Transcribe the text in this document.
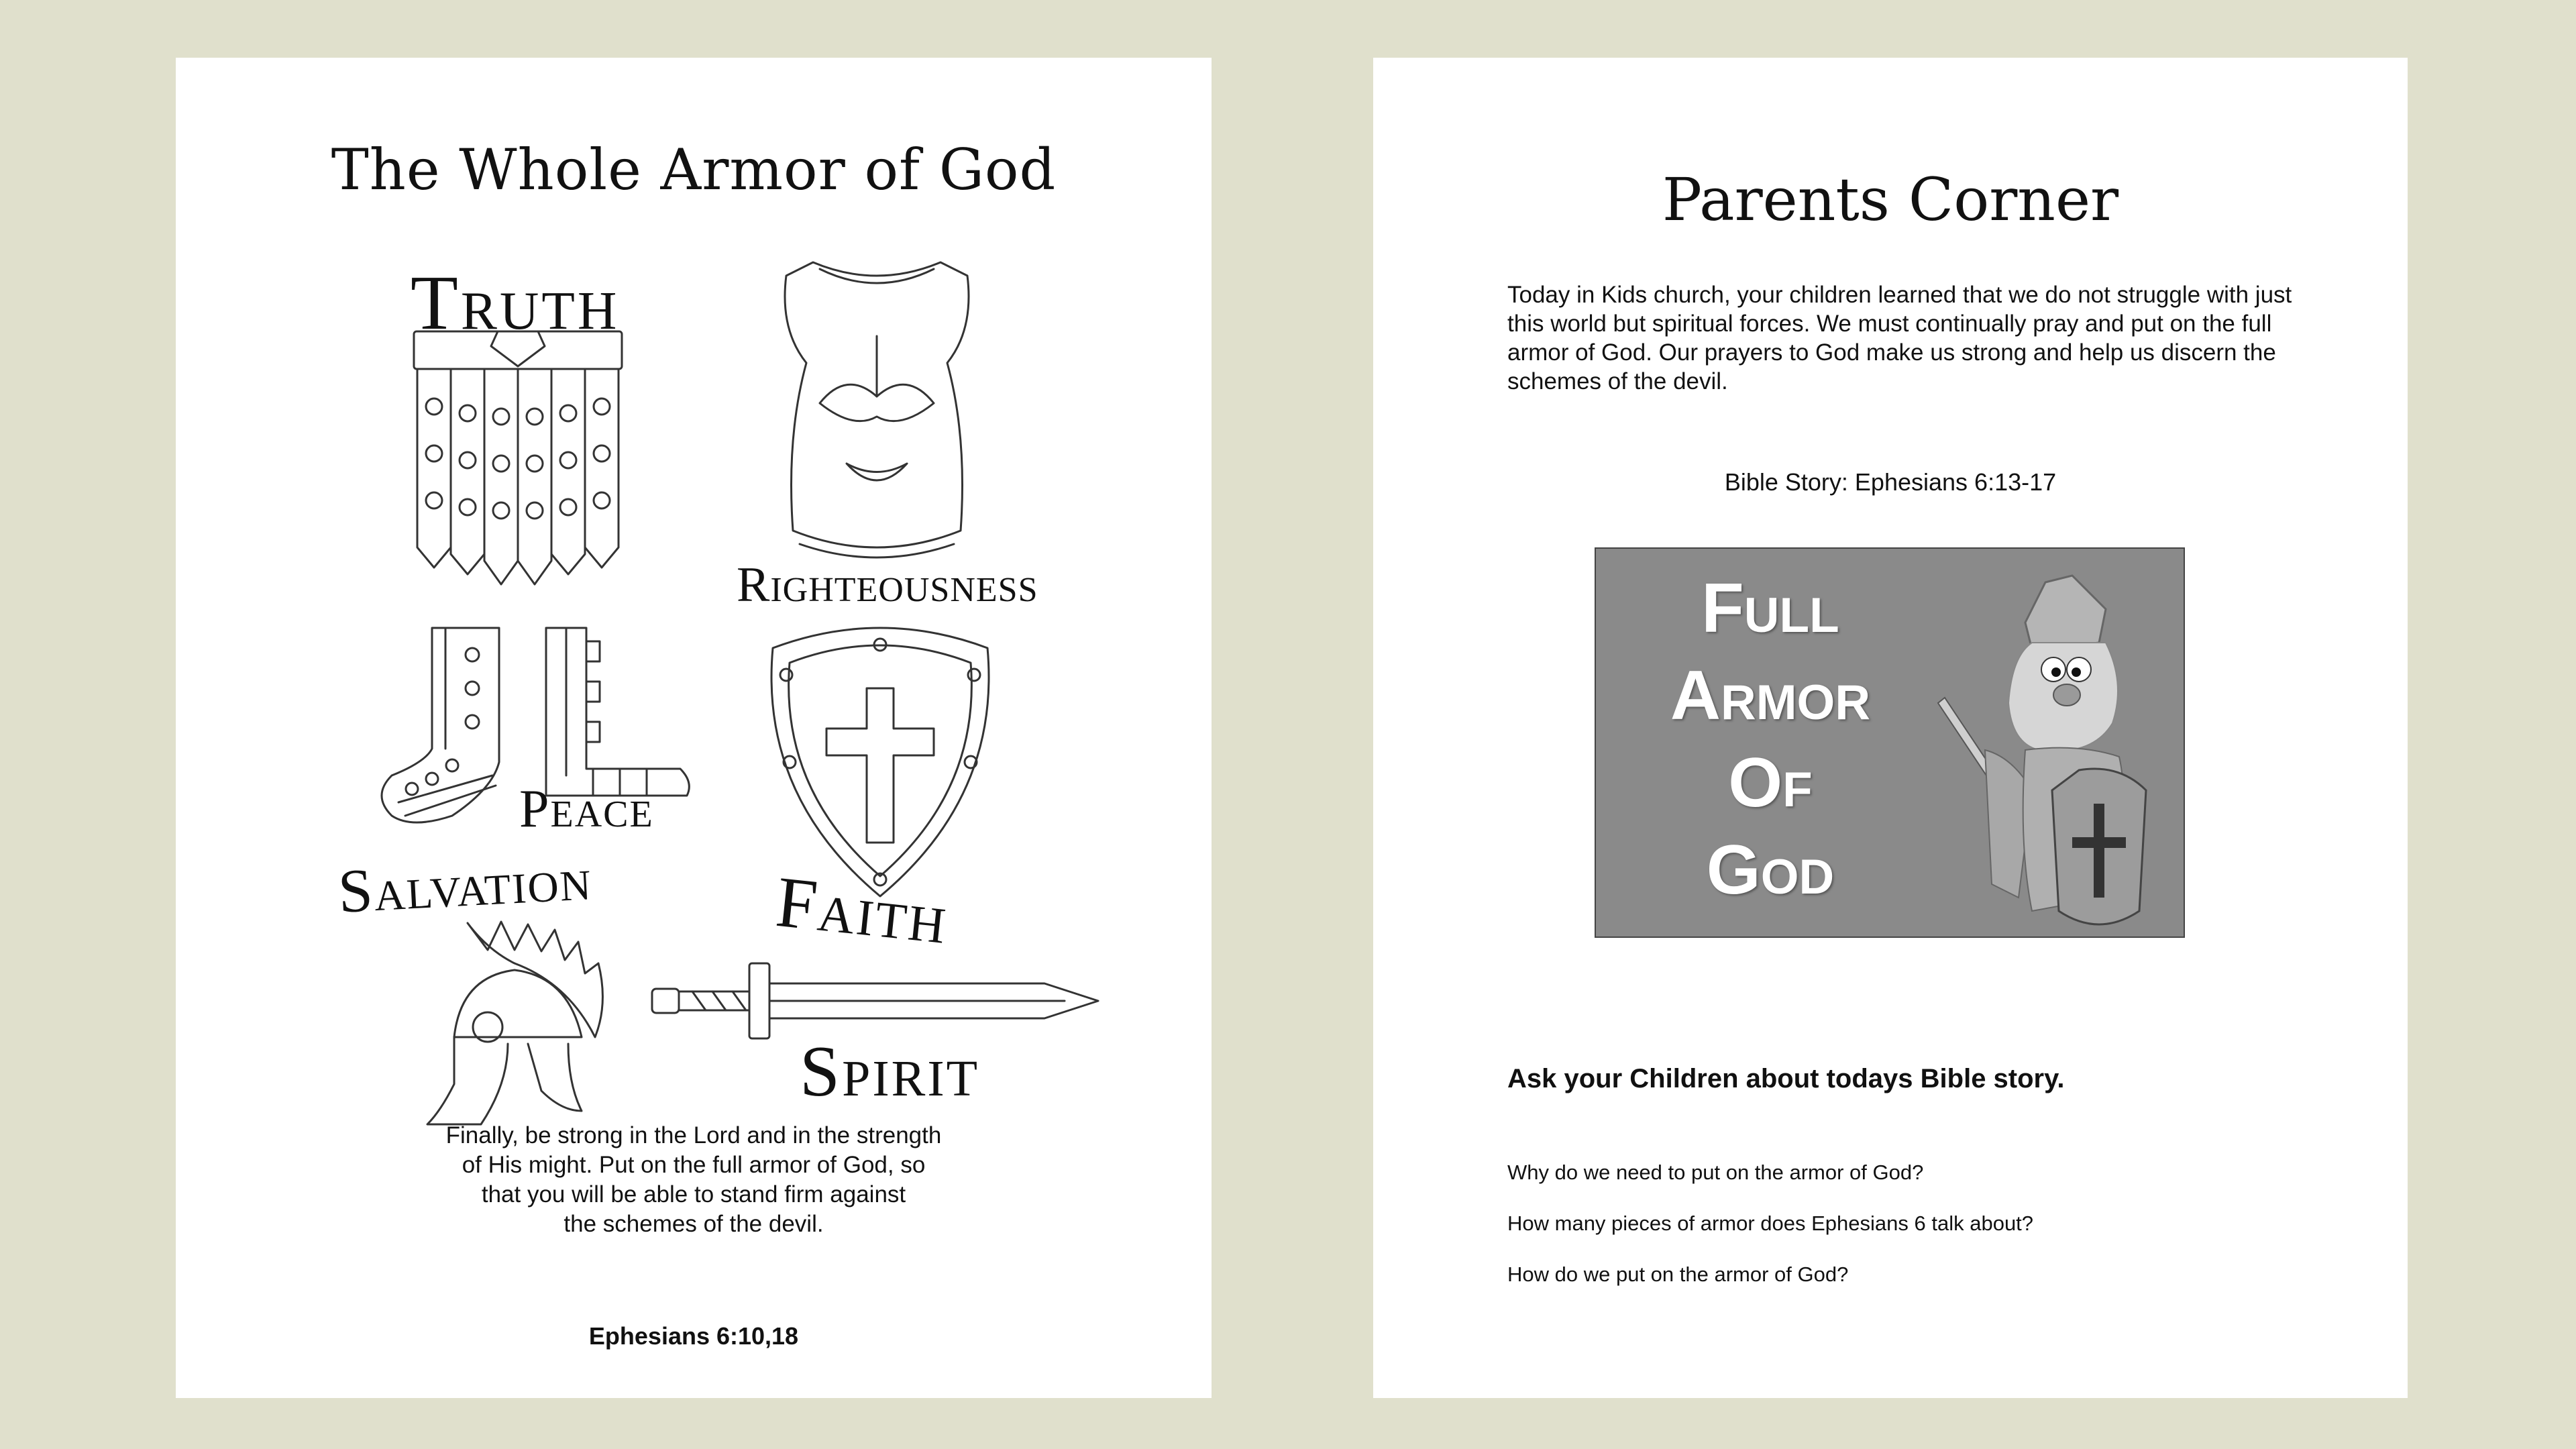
The Whole Armor of God

Truth

Righteousness

Peace

Faith

Salvation

Spirit

Finally, be strong in the Lord and in the strength
of His might. Put on the full armor of God, so
that you will be able to stand firm against
the schemes of the devil.

Ephesians 6:10,18

Parents Corner

Today in Kids church, your children learned that we do not struggle with just this world but spiritual forces. We must continually pray and put on the full armor of God. Our prayers to God make us strong and help us discern the schemes of the devil.

Bible Story: Ephesians 6:13-17

Full

Armor

Of

God

Ask your Children about todays Bible story.

Why do we need to put on the armor of God?

How many pieces of armor does Ephesians 6 talk about?

How do we put on the armor of God?
